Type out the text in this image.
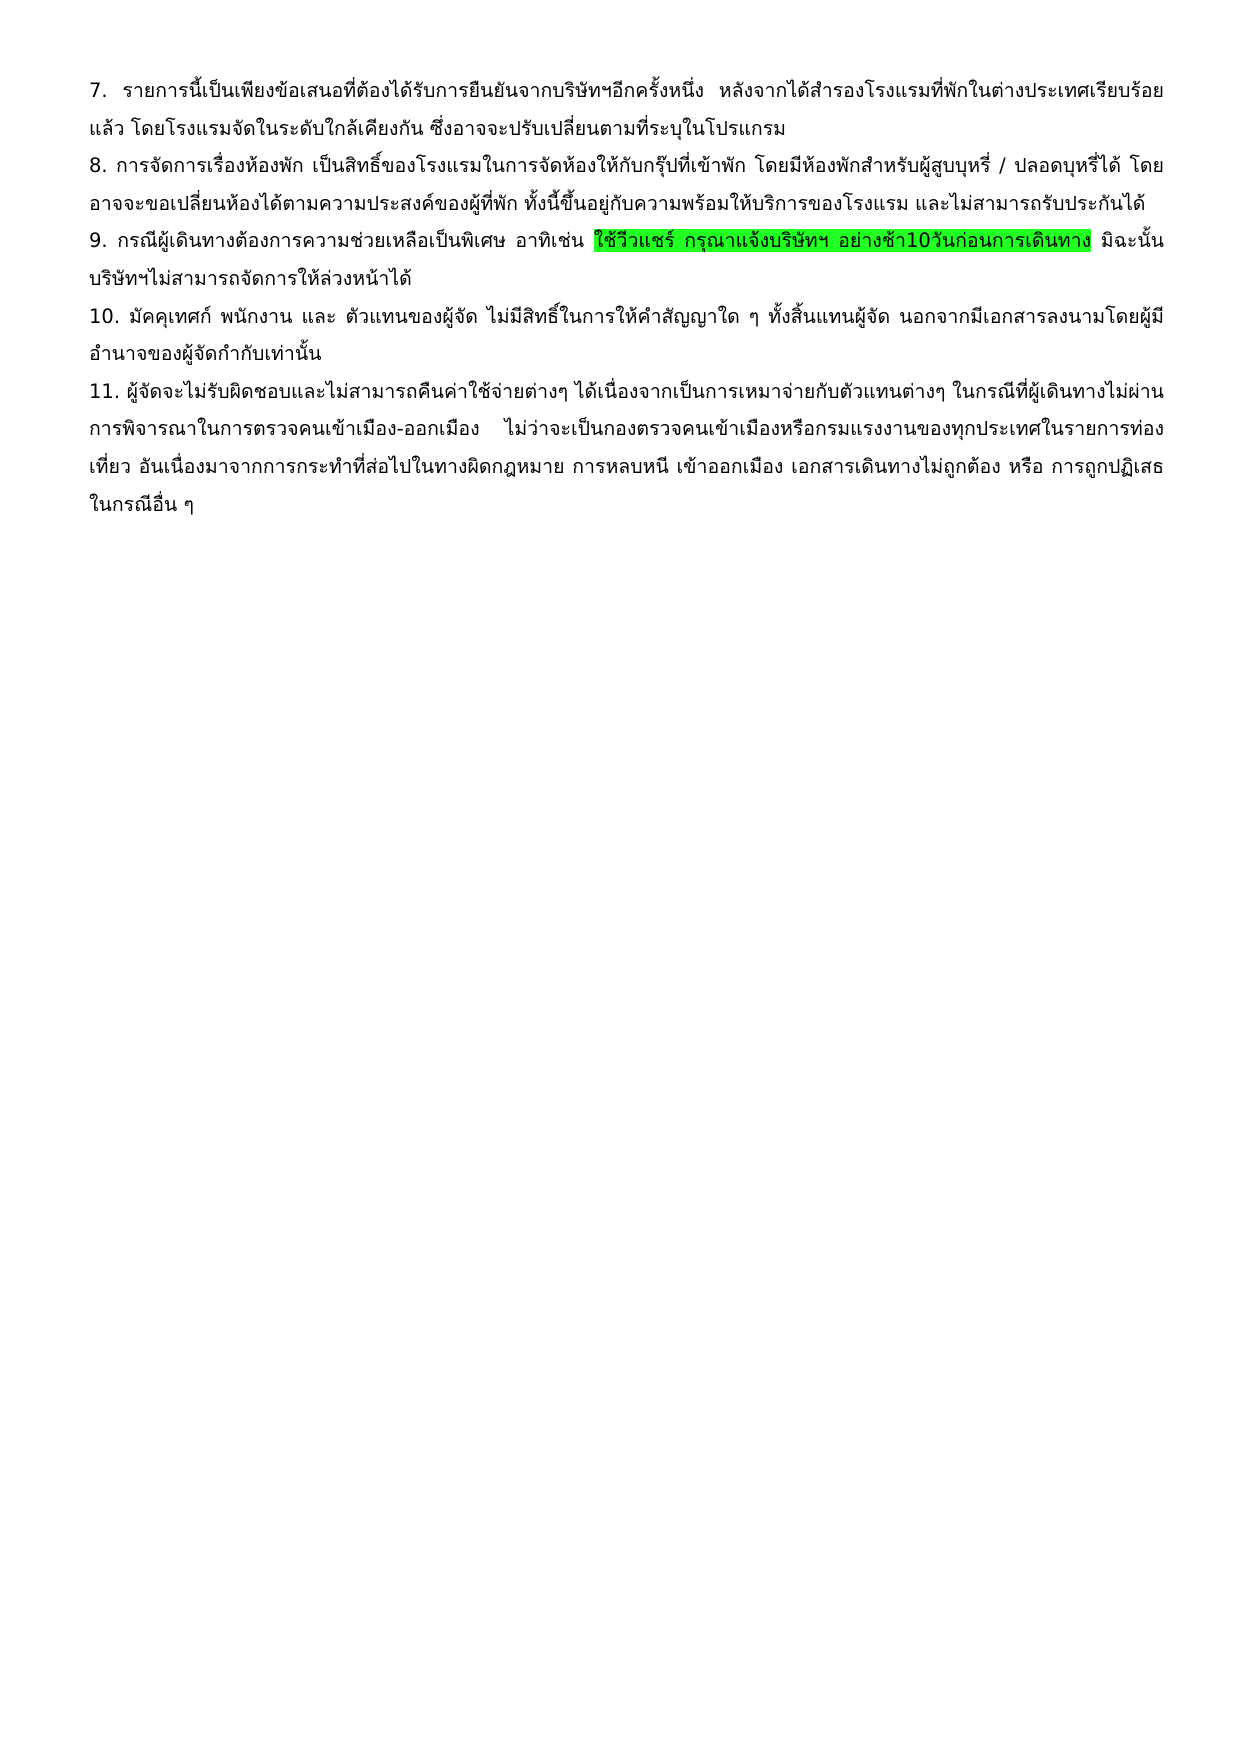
7. รายการนี้เป็นเพียงข้อเสนอที่ต้องได้รับการยืนยันจากบริษัทฯอีกครั้งหนึ่ง หลังจากได้สำรองโรงแรมที่พักในต่างประเทศเรียบร้อยแล้ว โดยโรงแรมจัดในระดับใกล้เคียงกัน ซึ่งอาจจะปรับเปลี่ยนตามที่ระบุในโปรแกรม

8. การจัดการเรื่องห้องพัก เป็นสิทธิ์ของโรงแรมในการจัดห้องให้กับกรุ๊ปที่เข้าพัก โดยมีห้องพักสำหรับผู้สูบบุหรี่ / ปลอดบุหรี่ได้ โดยอาจจะขอเปลี่ยนห้องได้ตามความประสงค์ของผู้ที่พัก ทั้งนี้ขึ้นอยู่กับความพร้อมให้บริการของโรงแรม และไม่สามารถรับประกันได้

9. กรณีผู้เดินทางต้องการความช่วยเหลือเป็นพิเศษ อาทิเช่น ใช้วีวแชร์ กรุณาแจ้งบริษัทฯ อย่างช้า10วันก่อนการเดินทาง มิฉะนั้นบริษัทฯไม่สามารถจัดการให้ล่วงหน้าได้

10. มัคคุเทศก์ พนักงาน และ ตัวแทนของผู้จัด ไม่มีสิทธิ์ในการให้คำสัญญาใด ๆ ทั้งสิ้นแทนผู้จัด นอกจากมีเอกสารลงนามโดยผู้มีอำนาจของผู้จัดกำกับเท่านั้น

11. ผู้จัดจะไม่รับผิดชอบและไม่สามารถคืนค่าใช้จ่ายต่างๆ ได้เนื่องจากเป็นการเหมาจ่ายกับตัวแทนต่างๆ ในกรณีที่ผู้เดินทางไม่ผ่านการพิจารณาในการตรวจคนเข้าเมือง-ออกเมือง ไม่ว่าจะเป็นกองตรวจคนเข้าเมืองหรือกรมแรงงานของทุกประเทศในรายการท่องเที่ยว อันเนื่องมาจากการกระทำที่ส่อไปในทางผิดกฎหมาย การหลบหนี เข้าออกเมือง เอกสารเดินทางไม่ถูกต้อง หรือ การถูกปฏิเสธในกรณีอื่น ๆ
